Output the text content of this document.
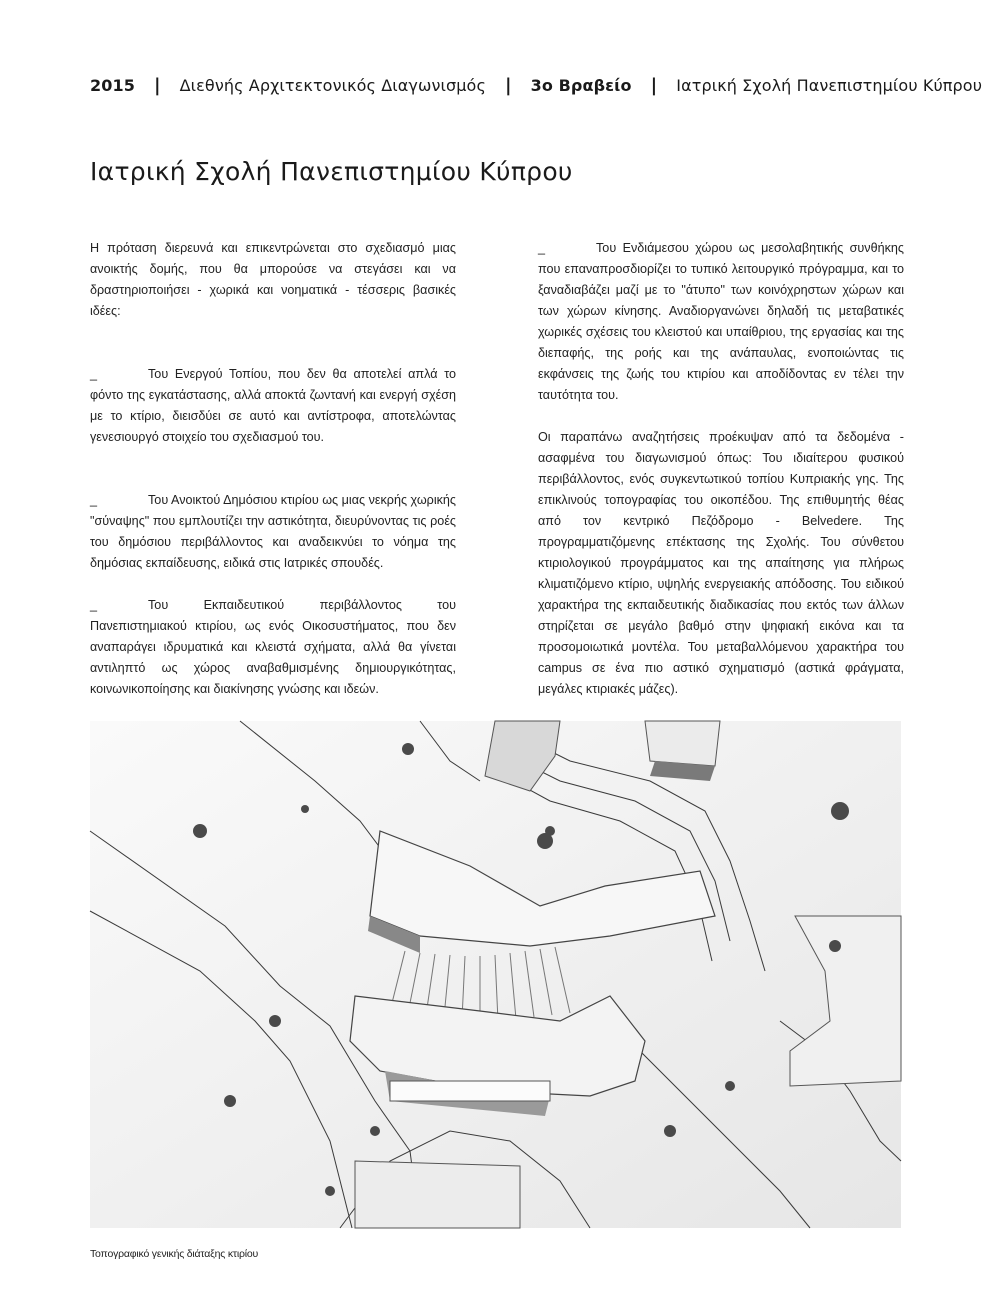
2015 | Διεθνής Αρχιτεκτονικός Διαγωνισμός | 3ο Βραβείο | Ιατρική Σχολή Πανεπιστημίου Κύπρου
Ιατρική Σχολή Πανεπιστημίου Κύπρου

Η πρόταση διερευνά και επικεντρώνεται στο σχεδιασμό μιας ανοικτής δομής, που θα μπορούσε να στεγάσει και να δραστηριοποιήσει - χωρικά και νοηματικά - τέσσερις βασικές ιδέες:

_	Του Ενεργού Τοπίου, που δεν θα αποτελεί απλά το φόντο της εγκατάστασης, αλλά αποκτά ζωντανή και ενεργή σχέση με το κτίριο, διεισδύει σε αυτό και αντίστροφα, αποτελώντας γενεσιουργό στοιχείο του σχεδιασμού του.

_	Του Ανοικτού Δημόσιου κτιρίου ως μιας νεκρής χωρικής "σύναψης" που εμπλουτίζει την αστικότητα, διευρύνοντας τις ροές του δημόσιου περιβάλλοντος και αναδεικνύει το νόημα της δημόσιας εκπαίδευσης, ειδικά στις Ιατρικές σπουδές.

_	Του Εκπαιδευτικού περιβάλλοντος του Πανεπιστημιακού κτιρίου, ως ενός Οικοσυστήματος, που δεν αναπαράγει ιδρυματικά και κλειστά σχήματα, αλλά θα γίνεται αντιληπτό ως χώρος αναβαθμισμένης δημιουργικότητας, κοινωνικοποίησης και διακίνησης γνώσης και ιδεών.

_	Του Ενδιάμεσου χώρου ως μεσολαβητικής συνθήκης που επαναπροσδιορίζει το τυπικό λειτουργικό πρόγραμμα, και το ξαναδιαβάζει μαζί με το "άτυπο" των κοινόχρηστων χώρων και των χώρων κίνησης. Αναδιοργανώνει δηλαδή τις μεταβατικές χωρικές σχέσεις του κλειστού και υπαίθριου, της εργασίας και της διεπαφής, της ροής και της ανάπαυλας, ενοποιώντας τις εκφάνσεις της ζωής του κτιρίου και αποδίδοντας εν τέλει την ταυτότητα του.

Οι παραπάνω αναζητήσεις προέκυψαν από τα δεδομένα - ασαφμένα του διαγωνισμού όπως: Του ιδιαίτερου φυσικού περιβάλλοντος, ενός συγκεντωτικού τοπίου Κυπριακής γης. Της επικλινούς τοπογραφίας του οικοπέδου. Της επιθυμητής θέας από τον κεντρικό Πεζόδρομο - Belvedere. Της προγραμματιζόμενης επέκτασης της Σχολής. Του σύνθετου κτιριολογικού προγράμματος και της απαίτησης για πλήρως κλιματιζόμενο κτίριο, υψηλής ενεργειακής απόδοσης. Του ειδικού χαρακτήρα της εκπαιδευτικής διαδικασίας που εκτός των άλλων στηρίζεται σε μεγάλο βαθμό στην ψηφιακή εικόνα και τα προσομοιωτικά μοντέλα. Του μεταβαλλόμενου χαρακτήρα του campus σε ένα πιο αστικό σχηματισμό (αστικά φράγματα, μεγάλες κτιριακές μάζες).

Τοπογραφικό γενικής διάταξης κτιρίου
